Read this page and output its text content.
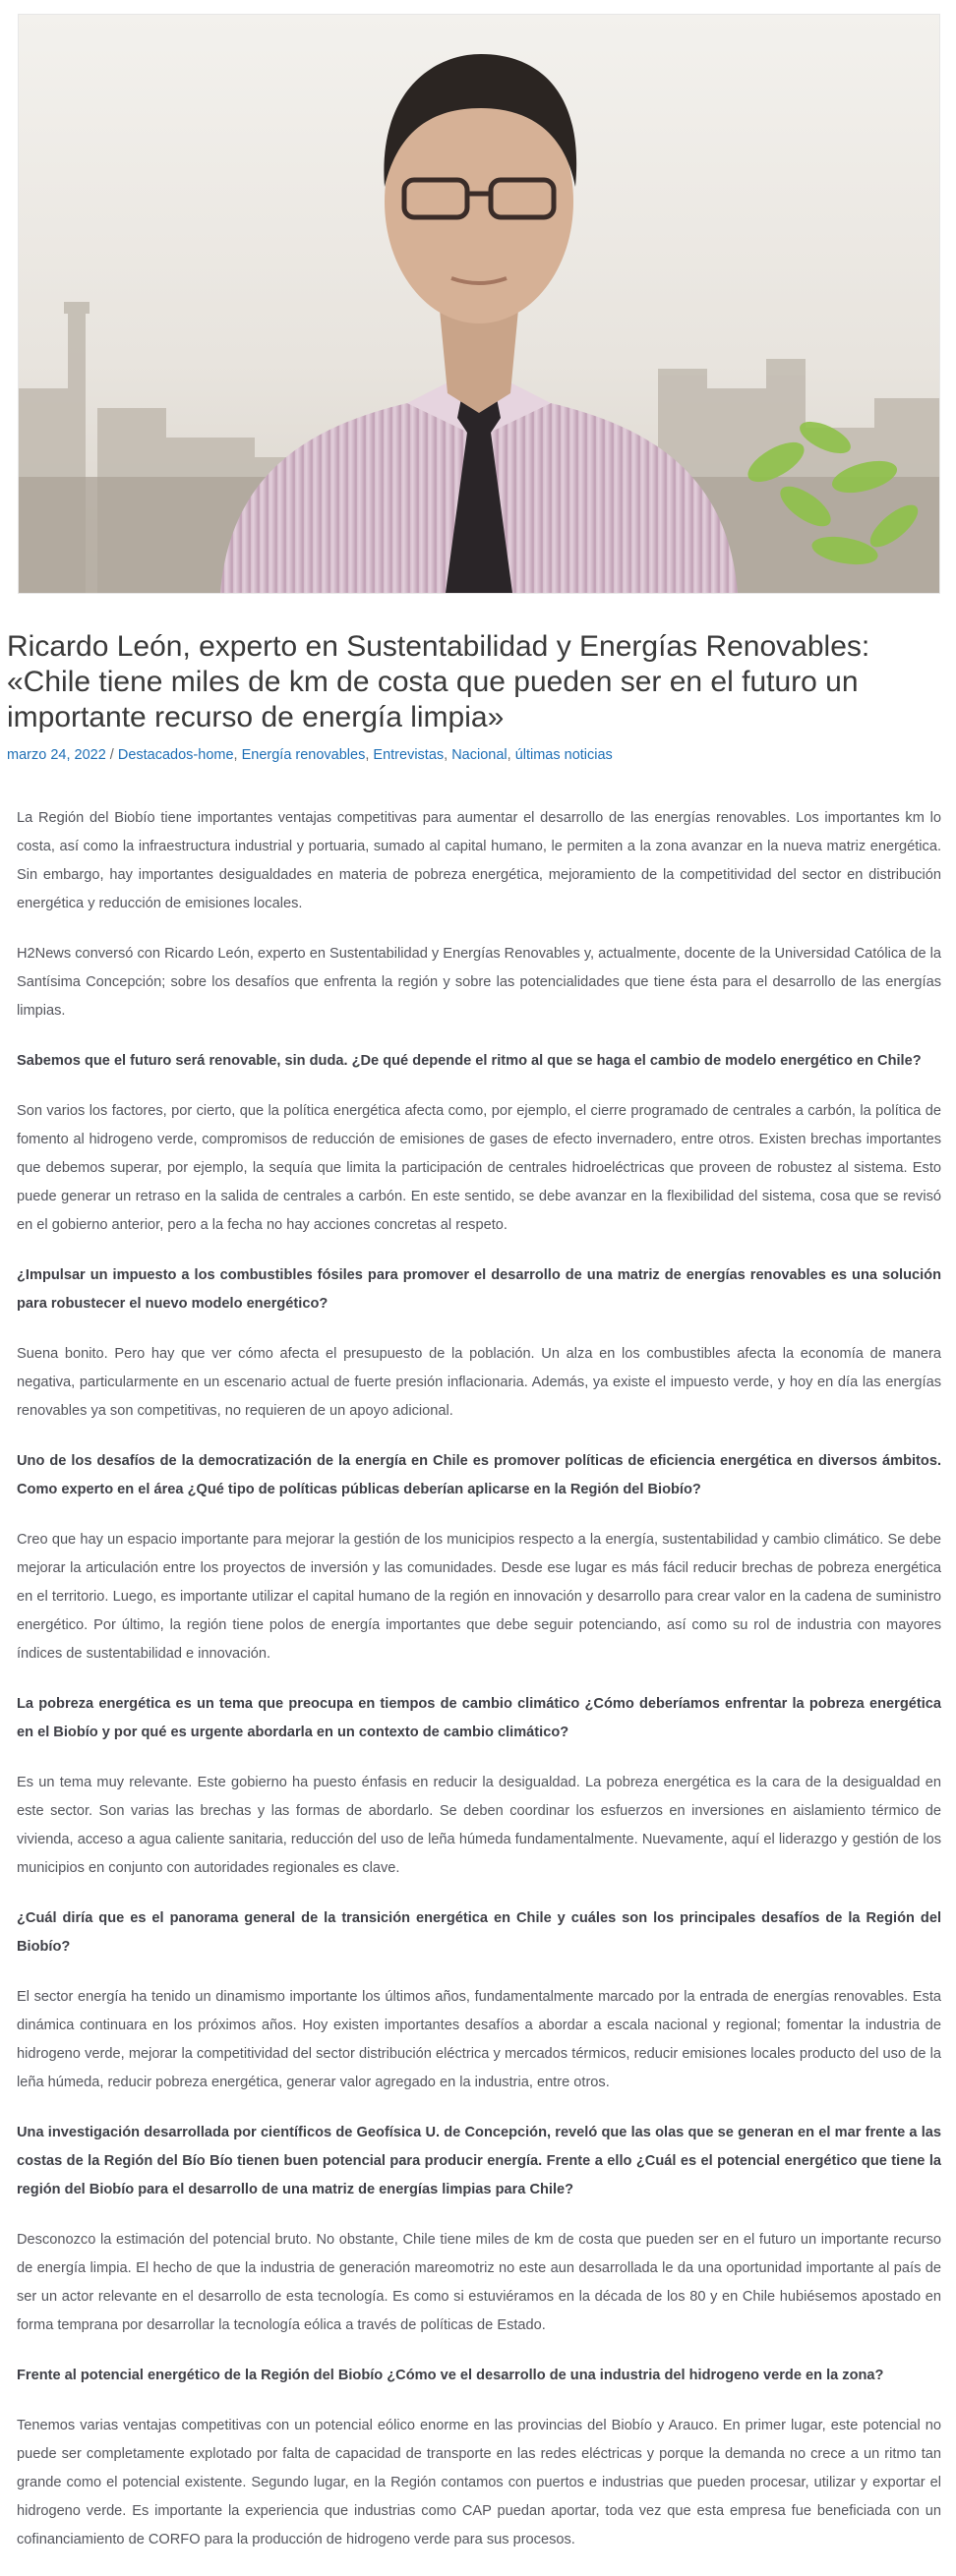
Ricardo León, experto en Sustentabilidad y Energías Renovables: «Chile tiene miles de km de costa que pueden ser en el futuro un importante recurso de energía limpia»
marzo 24, 2022 / Destacados-home, Energía renovables, Entrevistas, Nacional, últimas noticias

La Región del Biobío tiene importantes ventajas competitivas para aumentar el desarrollo de las energías renovables. Los importantes km lo costa, así como la infraestructura industrial y portuaria, sumado al capital humano, le permiten a la zona avanzar en la nueva matriz energética. Sin embargo, hay importantes desigualdades en materia de pobreza energética, mejoramiento de la competitividad del sector en distribución energética y reducción de emisiones locales.

H2News conversó con Ricardo León, experto en Sustentabilidad y Energías Renovables y, actualmente, docente de la Universidad Católica de la Santísima Concepción; sobre los desafíos que enfrenta la región y sobre las potencialidades que tiene ésta para el desarrollo de las energías limpias.

Sabemos que el futuro será renovable, sin duda. ¿De qué depende el ritmo al que se haga el cambio de modelo energético en Chile?

Son varios los factores, por cierto, que la política energética afecta como, por ejemplo, el cierre programado de centrales a carbón, la política de fomento al hidrogeno verde, compromisos de reducción de emisiones de gases de efecto invernadero, entre otros. Existen brechas importantes que debemos superar, por ejemplo, la sequía que limita la participación de centrales hidroeléctricas que proveen de robustez al sistema. Esto puede generar un retraso en la salida de centrales a carbón. En este sentido, se debe avanzar en la flexibilidad del sistema, cosa que se revisó en el gobierno anterior, pero a la fecha no hay acciones concretas al respeto.

¿Impulsar un impuesto a los combustibles fósiles para promover el desarrollo de una matriz de energías renovables es una solución para robustecer el nuevo modelo energético?

Suena bonito. Pero hay que ver cómo afecta el presupuesto de la población. Un alza en los combustibles afecta la economía de manera negativa, particularmente en un escenario actual de fuerte presión inflacionaria. Además, ya existe el impuesto verde, y hoy en día las energías renovables ya son competitivas, no requieren de un apoyo adicional.

Uno de los desafíos de la democratización de la energía en Chile es promover políticas de eficiencia energética en diversos ámbitos. Como experto en el área ¿Qué tipo de políticas públicas deberían aplicarse en la Región del Biobío?

Creo que hay un espacio importante para mejorar la gestión de los municipios respecto a la energía, sustentabilidad y cambio climático. Se debe mejorar la articulación entre los proyectos de inversión y las comunidades. Desde ese lugar es más fácil reducir brechas de pobreza energética en el territorio. Luego, es importante utilizar el capital humano de la región en innovación y desarrollo para crear valor en la cadena de suministro energético. Por último, la región tiene polos de energía importantes que debe seguir potenciando, así como su rol de industria con mayores índices de sustentabilidad e innovación.

La pobreza energética es un tema que preocupa en tiempos de cambio climático ¿Cómo deberíamos enfrentar la pobreza energética en el Biobío y por qué es urgente abordarla en un contexto de cambio climático?

Es un tema muy relevante. Este gobierno ha puesto énfasis en reducir la desigualdad. La pobreza energética es la cara de la desigualdad en este sector. Son varias las brechas y las formas de abordarlo. Se deben coordinar los esfuerzos en inversiones en aislamiento térmico de vivienda, acceso a agua caliente sanitaria, reducción del uso de leña húmeda fundamentalmente. Nuevamente, aquí el liderazgo y gestión de los municipios en conjunto con autoridades regionales es clave.

¿Cuál diría que es el panorama general de la transición energética en Chile y cuáles son los principales desafíos de la Región del Biobío?

El sector energía ha tenido un dinamismo importante los últimos años, fundamentalmente marcado por la entrada de energías renovables. Esta dinámica continuara en los próximos años. Hoy existen importantes desafíos a abordar a escala nacional y regional; fomentar la industria de hidrogeno verde, mejorar la competitividad del sector distribución eléctrica y mercados térmicos, reducir emisiones locales producto del uso de la leña húmeda, reducir pobreza energética, generar valor agregado en la industria, entre otros.

Una investigación desarrollada por científicos de Geofísica U. de Concepción, reveló que las olas que se generan en el mar frente a las costas de la Región del Bío Bío tienen buen potencial para producir energía. Frente a ello ¿Cuál es el potencial energético que tiene la región del Biobío para el desarrollo de una matriz de energías limpias para Chile?

Desconozco la estimación del potencial bruto. No obstante, Chile tiene miles de km de costa que pueden ser en el futuro un importante recurso de energía limpia. El hecho de que la industria de generación mareomotriz no este aun desarrollada le da una oportunidad importante al país de ser un actor relevante en el desarrollo de esta tecnología. Es como si estuviéramos en la década de los 80 y en Chile hubiésemos apostado en forma temprana por desarrollar la tecnología eólica a través de políticas de Estado.

Frente al potencial energético de la Región del Biobío ¿Cómo ve el desarrollo de una industria del hidrogeno verde en la zona?

Tenemos varias ventajas competitivas con un potencial eólico enorme en las provincias del Biobío y Arauco. En primer lugar, este potencial no puede ser completamente explotado por falta de capacidad de transporte en las redes eléctricas y porque la demanda no crece a un ritmo tan grande como el potencial existente. Segundo lugar, en la Región contamos con puertos e industrias que pueden procesar, utilizar y exportar el hidrogeno verde. Es importante la experiencia que industrias como CAP puedan aportar, toda vez que esta empresa fue beneficiada con un cofinanciamiento de CORFO para la producción de hidrogeno verde para sus procesos.
